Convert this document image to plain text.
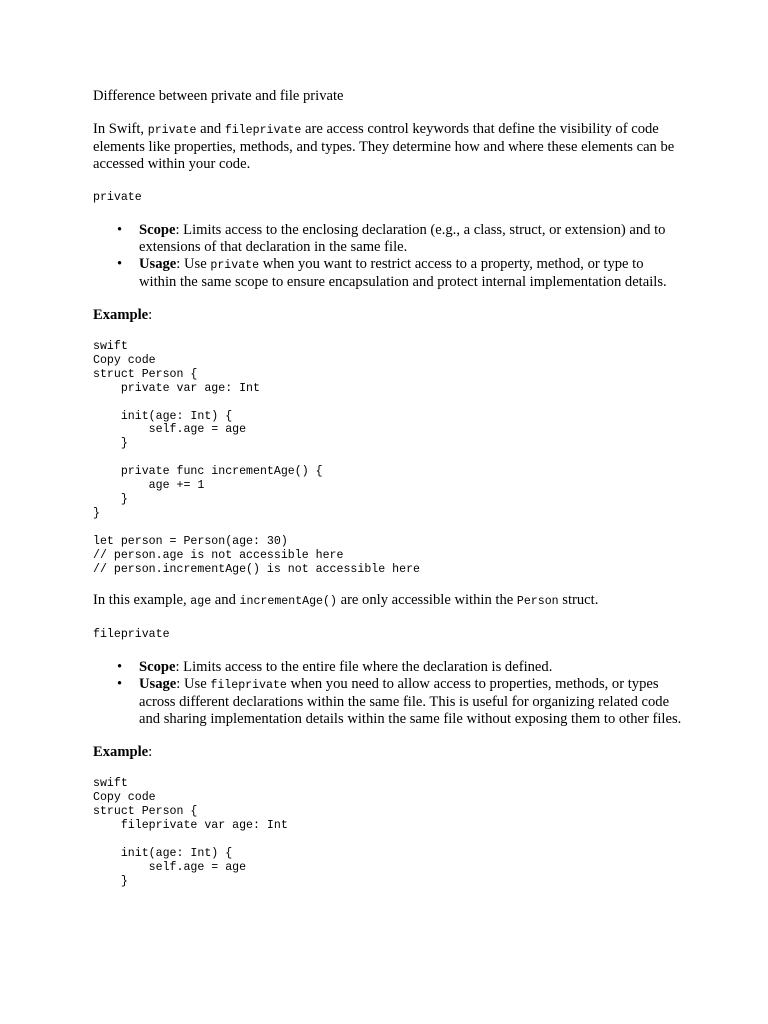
Difference between private and file private

In Swift, private and fileprivate are access control keywords that define the visibility of code elements like properties, methods, and types. They determine how and where these elements can be accessed within your code.

private

• Scope: Limits access to the enclosing declaration (e.g., a class, struct, or extension) and to extensions of that declaration in the same file.
• Usage: Use private when you want to restrict access to a property, method, or type to within the same scope to ensure encapsulation and protect internal implementation details.

Example:

swift
Copy code
struct Person {
private var age: Int

init(age: Int) {
self.age = age
}

private func incrementAge() {
age += 1
}
}

let person = Person(age: 30)
// person.age is not accessible here
// person.incrementAge() is not accessible here

In this example, age and incrementAge() are only accessible within the Person struct.

fileprivate

• Scope: Limits access to the entire file where the declaration is defined.
• Usage: Use fileprivate when you need to allow access to properties, methods, or types across different declarations within the same file. This is useful for organizing related code and sharing implementation details within the same file without exposing them to other files.

Example:

swift
Copy code
struct Person {
fileprivate var age: Int

init(age: Int) {
self.age = age
}
